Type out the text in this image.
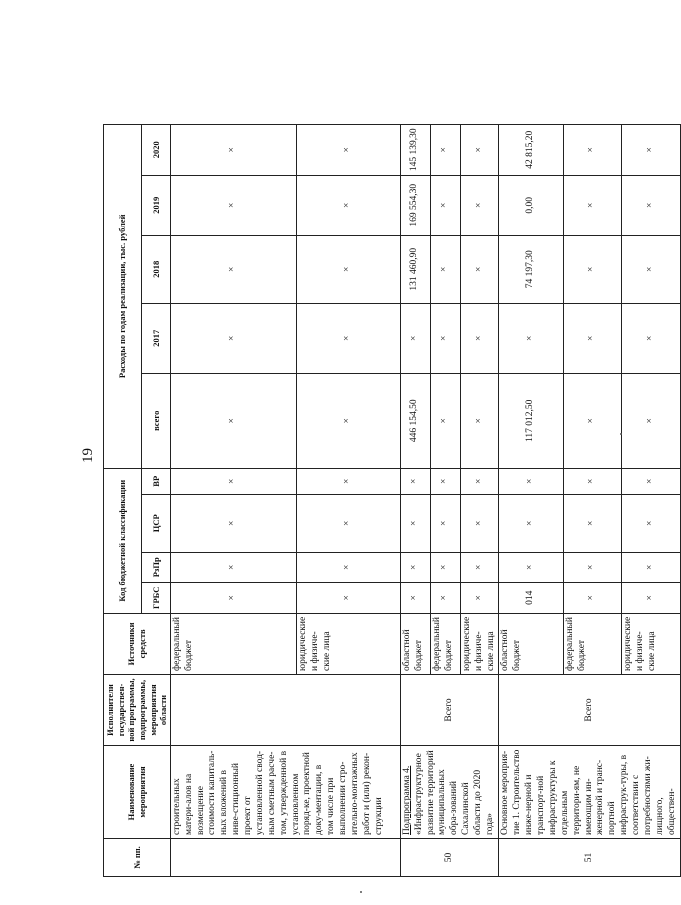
19
№ пп.	Наименование мероприятия	Исполнители государствен-ной программы, подпрограммы, мероприятия области	Источники средств	Код бюджетной классификации				Расходы по годам реализации, тыс. рублей				
				ГРБС	РзПр	ЦСР	ВР	всего	2017	2018	2019	2020
	строительных матери-алов на возмещение стоимости капиталь-ных вложений в инве-стиционный проект от установленной свод-ным сметным расче-том, утвержденной в установленном поряд-ке, проектной доку-ментации, в том числе при выполнении стро-ительно-монтажных работ и (или) рекон-струкции		федеральный бюджет	×	×	×	×	×	×	×	×	×
			юридические и физиче-ские лица	×	×	×	×	×	×	×	×	×
50	Подпрограмма 4. «Инфраструктурное развитие территорий муниципальных обра-зований Сахалинской области до 2020 года»	Всего	областной бюджет	×	×	×	×	446 154,50	×	131 460,90	169 554,30	145 139,30
			федеральный бюджет	×	×	×	×	×	×	×	×	×
			юридические и физиче-ские лица	×	×	×	×	×	×	×	×	×
51	Основное мероприя-тие 1. Строительство инже-нерной и транспорт-ной инфраструктуры к отдельным территори-ям, не имеющим ин-женерной и транс-портной инфраструк-туры, в соответствии с потребностями жи-лищного, обществен-	Всего	областной бюджет	014	×	×	×	117 012,50	×	74 197,30	0,00	42 815,20
			федеральный бюджет	×	×	×	×	×	×	×	×	×
			юридические и физиче-ские лица	×	×	×	×	×	×	×	×	×
